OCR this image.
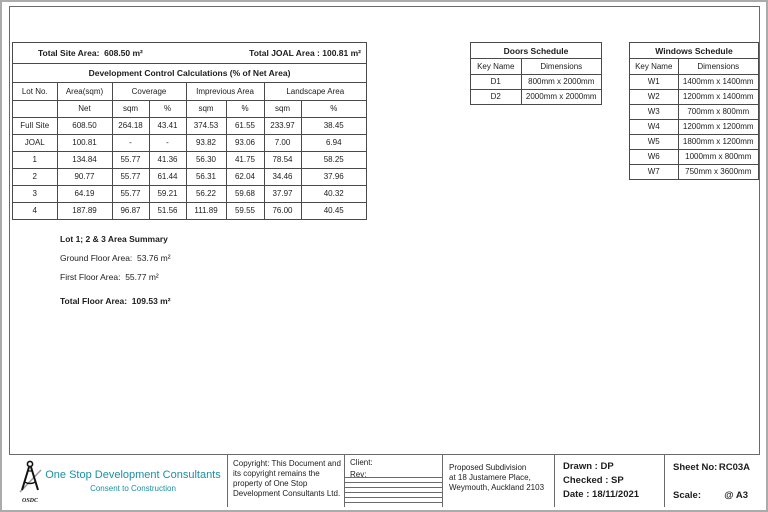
Total Site Area: 608.50 m²	Total JOAL Area : 100.81 m²
Development Control Calculations (% of Net Area)
Lot No.	Area(sqm)	Coverage		Imprevious Area		Landscape Area	
	Net	sqm	%	sqm	%	sqm	%
Full Site	608.50	264.18	43.41	374.53	61.55	233.97	38.45
JOAL	100.81	-	-	93.82	93.06	7.00	6.94
1	134.84	55.77	41.36	56.30	41.75	78.54	58.25
2	90.77	55.77	61.44	56.31	62.04	34.46	37.96
3	64.19	55.77	59.21	56.22	59.68	37.97	40.32
4	187.89	96.87	51.56	111.89	59.55	76.00	40.45
Lot 1; 2 & 3 Area Summary
Ground Floor Area: 53.76 m²
First Floor Area: 55.77 m²
Total Floor Area: 109.53 m²
Doors Schedule
Key Name	Dimensions
D1	800mm x 2000mm
D2	2000mm x 2000mm
Windows Schedule
Key Name	Dimensions
W1	1400mm x 1400mm
W2	1200mm x 1400mm
W3	700mm x 800mm
W4	1200mm x 1200mm
W5	1800mm x 1200mm
W6	1000mm x 800mm
W7	750mm x 3600mm
OSDC
One Stop Development Consultants
Consent to Construction
Copyright: This Document and its copyright remains the property of One Stop Development Consultants Ltd.
Client:
Rev:
Proposed Subdivision
at 18 Justamere Place,
Weymouth, Auckland 2103
Drawn : DP
Checked : SP
Date : 18/11/2021
Sheet No: RC03A
Scale: @ A3
